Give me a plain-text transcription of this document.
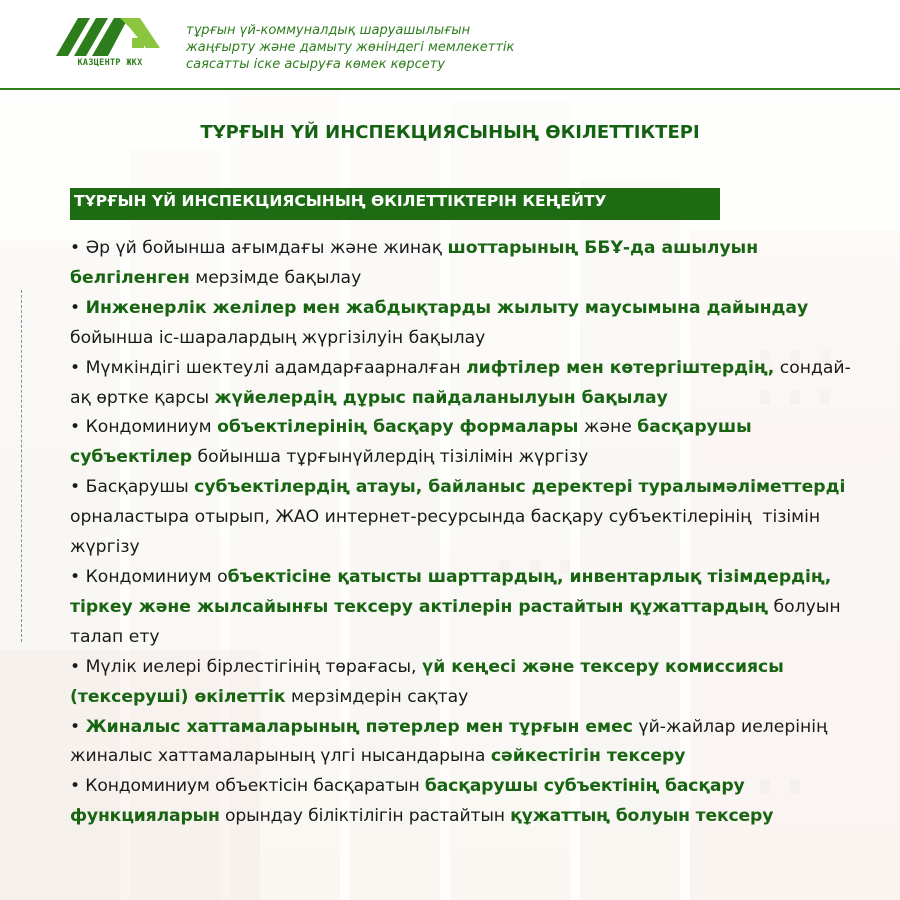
КАЗЦЕНТР ЖКХ
тұрғын үй-коммуналдық шаруашылығын
жаңғырту және дамыту жөніндегі мемлекеттік
саясатты іске асыруға көмек көрсету
ТҰРҒЫН ҮЙ ИНСПЕКЦИЯСЫНЫҢ ӨКІЛЕТТІКТЕРІ
ТҰРҒЫН ҮЙ ИНСПЕКЦИЯСЫНЫҢ ӨКІЛЕТТІКТЕРІН КЕҢЕЙТУ

• Әр үй бойынша ағымдағы және жинақ шоттарының ББҰ-да ашылуын белгіленген мерзімде бақылау

• Инженерлік желілер мен жабдықтарды жылыту маусымына дайындау бойынша іс-шаралардың жүргізілуін бақылау

• Мүмкіндігі шектеулі адамдарғаарналған лифтілер мен көтергіштердің, сондай-ақ өртке қарсы жүйелердің дұрыс пайдаланылуын бақылау

• Кондоминиум объектілерінің басқару формалары және басқарушы субъектілер бойынша тұрғынүйлердің тізілімін жүргізу

• Басқарушы субъектілердің атауы, байланыс деректері туралымәліметтерді орналастыра отырып, ЖАО интернет-ресурсында басқару субъектілерінің  тізімін   жүргізу

• Кондоминиум объектісіне қатысты шарттардың, инвентарлық тізімдердің, тіркеу және жылсайынғы тексеру актілерін растайтын құжаттардың болуын талап ету

• Мүлік иелері бірлестігінің төрағасы, үй кеңесі және тексеру комиссиясы (тексеруші) өкілеттік мерзімдерін сақтау

• Жиналыс хаттамаларының пәтерлер мен тұрғын емес үй-жайлар иелерінің жиналыс хаттамаларының үлгі нысандарына сәйкестігін тексеру

• Кондоминиум объектісін басқаратын басқарушы субъектінің басқару функцияларын орындау біліктілігін растайтын құжаттың болуын тексеру
